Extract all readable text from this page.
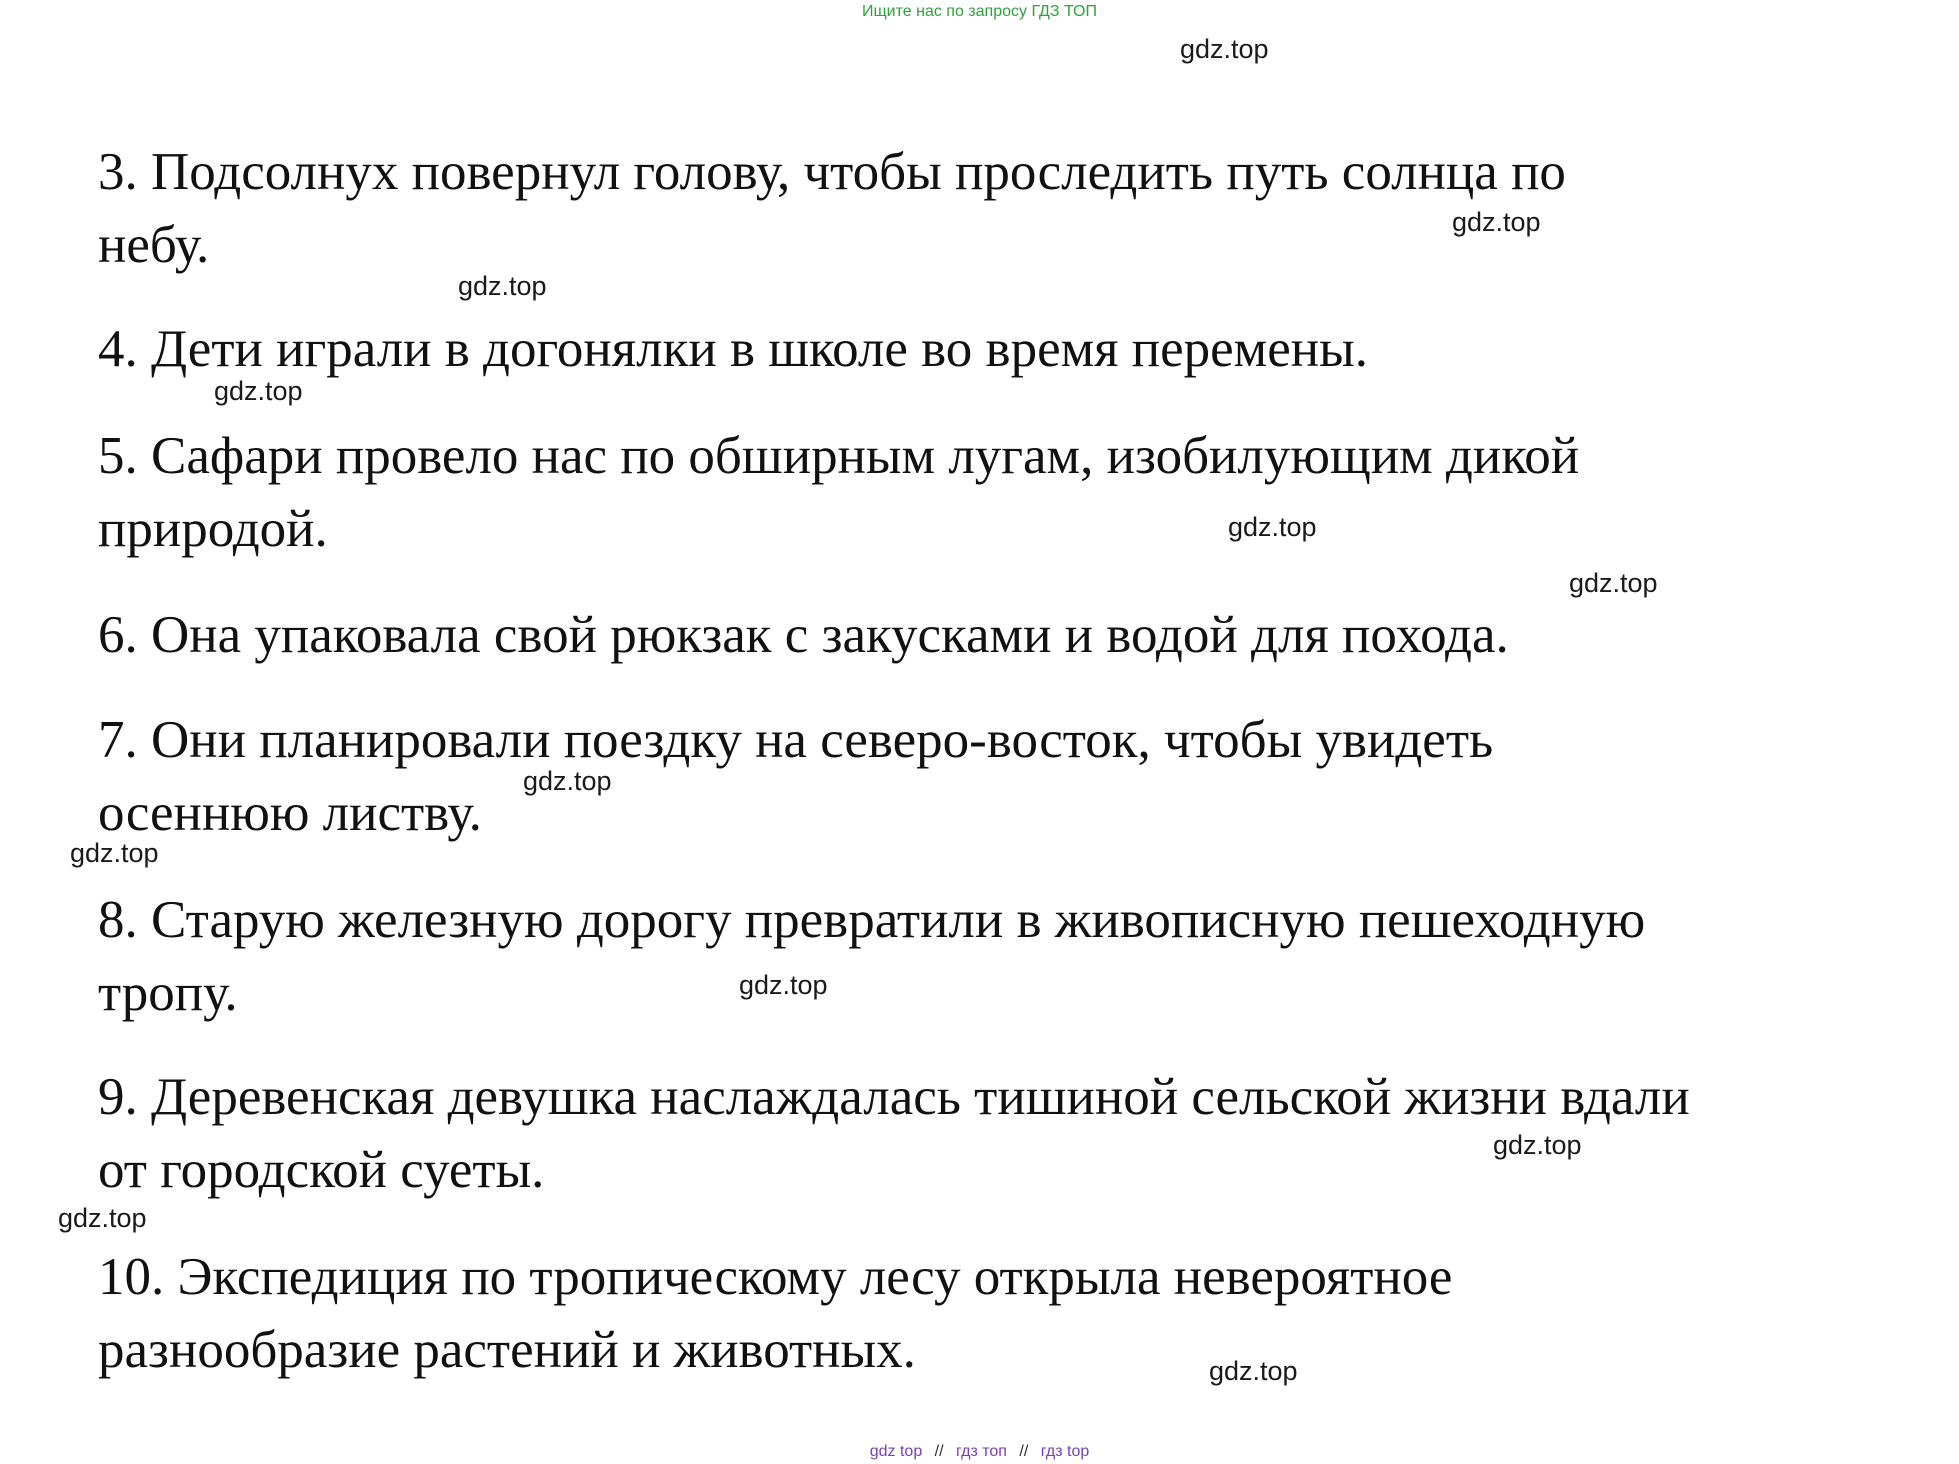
Ищите нас по запросу ГДЗ ТОП

3. Подсолнух повернул голову, чтобы проследить путь солнца по
небу.

4. Дети играли в догонялки в школе во время перемены.

5. Сафари провело нас по обширным лугам, изобилующим дикой
природой.

6. Она упаковала свой рюкзак с закусками и водой для похода.

7. Они планировали поездку на северо-восток, чтобы увидеть
осеннюю листву.

8. Старую железную дорогу превратили в живописную пешеходную
тропу.

9. Деревенская девушка наслаждалась тишиной сельской жизни вдали
от городской суеты.

10. Экспедиция по тропическому лесу открыла невероятное
разнообразие растений и животных.

gdz.top
gdz.top
gdz.top
gdz.top
gdz.top
gdz.top
gdz.top
gdz.top
gdz.top
gdz.top
gdz.top
gdz.top
gdz top // гдз топ // гдз top
